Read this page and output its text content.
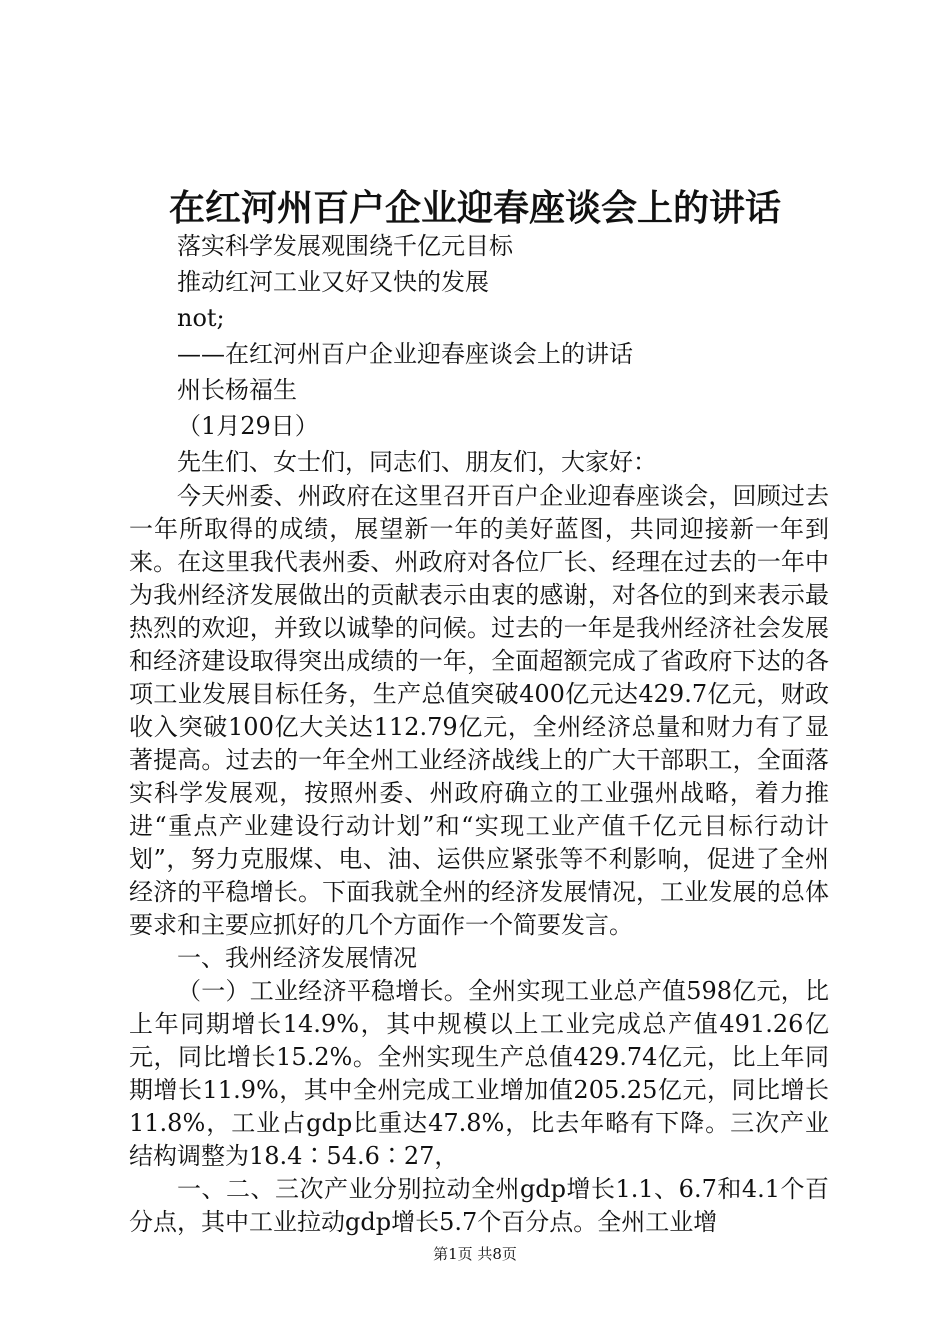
在红河州百户企业迎春座谈会上的讲话
落实科学发展观围绕千亿元目标
推动红河工业又好又快的发展
not;
——在红河州百户企业迎春座谈会上的讲话
州长杨福生
（1月29日）
先生们、女士们，同志们、朋友们，大家好：

今天州委、州政府在这里召开百户企业迎春座谈会，回顾过去一年所取得的成绩，展望新一年的美好蓝图，共同迎接新一年到来。在这里我代表州委、州政府对各位厂长、经理在过去的一年中为我州经济发展做出的贡献表示由衷的感谢，对各位的到来表示最热烈的欢迎，并致以诚挚的问候。过去的一年是我州经济社会发展和经济建设取得突出成绩的一年，全面超额完成了省政府下达的各项工业发展目标任务，生产总值突破400亿元达429.7亿元，财政收入突破100亿大关达112.79亿元，全州经济总量和财力有了显著提高。过去的一年全州工业经济战线上的广大干部职工，全面落实科学发展观，按照州委、州政府确立的工业强州战略，着力推进“重点产业建设行动计划”和“实现工业产值千亿元目标行动计划”，努力克服煤、电、油、运供应紧张等不利影响，促进了全州经济的平稳增长。下面我就全州的经济发展情况，工业发展的总体要求和主要应抓好的几个方面作一个简要发言。

一、我州经济发展情况

（一）工业经济平稳增长。全州实现工业总产值598亿元，比上年同期增长14.9%，其中规模以上工业完成总产值491.26亿元，同比增长15.2%。全州实现生产总值429.74亿元，比上年同期增长11.9%，其中全州完成工业增加值205.25亿元，同比增长11.8%，工业占gdp比重达47.8%，比去年略有下降。三次产业结构调整为18.4∶54.6∶27，

一、二、三次产业分别拉动全州gdp增长1.1、6.7和4.1个百分点，其中工业拉动gdp增长5.7个百分点。全州工业增

第1页 共8页
